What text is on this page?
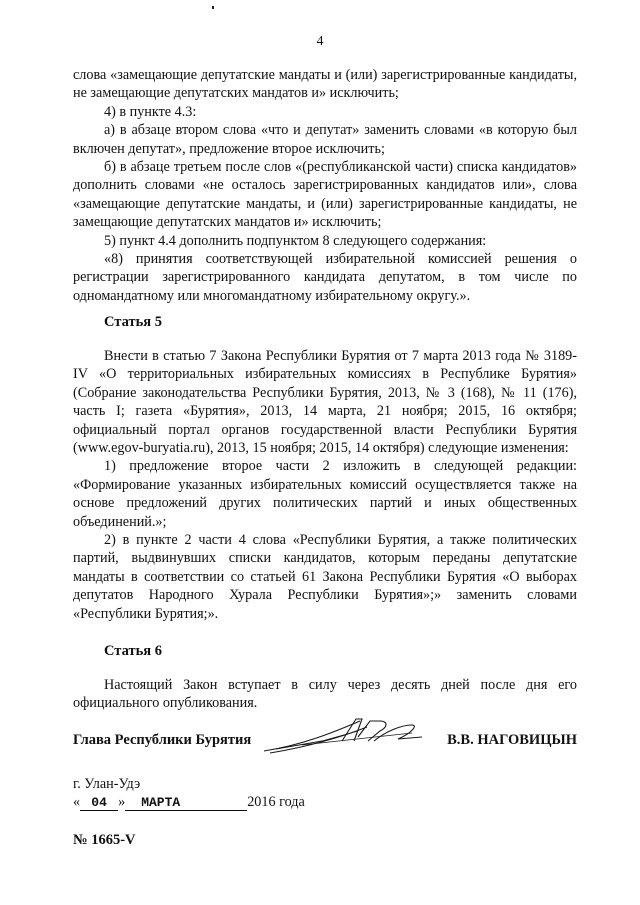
4

слова «замещающие депутатские мандаты и (или) зарегистрированные кандидаты, не замещающие депутатских мандатов и» исключить;

4) в пункте 4.3:

а) в абзаце втором слова «что и депутат» заменить словами «в которую был включен депутат», предложение второе исключить;

б) в абзаце третьем после слов «(республиканской части) списка кандидатов» дополнить словами «не осталось зарегистрированных кандидатов или», слова «замещающие депутатские мандаты, и (или) зарегистрированные кандидаты, не замещающие депутатских мандатов и» исключить;

5) пункт 4.4 дополнить подпунктом 8 следующего содержания:

«8) принятия соответствующей избирательной комиссией решения о регистрации зарегистрированного кандидата депутатом, в том числе по одномандатному или многомандатному избирательному округу.».

Статья 5

Внести в статью 7 Закона Республики Бурятия от 7 марта 2013 года № 3189-IV «О территориальных избирательных комиссиях в Республике Бурятия» (Собрание законодательства Республики Бурятия, 2013, № 3 (168), № 11 (176), часть I; газета «Бурятия», 2013, 14 марта, 21 ноября; 2015, 16 октября; официальный портал органов государственной власти Республики Бурятия (www.egov-buryatia.ru), 2013, 15 ноября; 2015, 14 октября) следующие изменения:

1) предложение второе части 2 изложить в следующей редакции: «Формирование указанных избирательных комиссий осуществляется также на основе предложений других политических партий и иных общественных объединений.»;

2) в пункте 2 части 4 слова «Республики Бурятия, а также политических партий, выдвинувших списки кандидатов, которым переданы депутатские мандаты в соответствии со статьей 61 Закона Республики Бурятия «О выборах депутатов Народного Хурала Республики Бурятия»;» заменить словами «Республики Бурятия;».

Статья 6

Настоящий Закон вступает в силу через десять дней после дня его официального опубликования.

Глава Республики Бурятия	В.В. НАГОВИЦЫН
г. Улан-Удэ
« 04 » МАРТА	2016 года
№ 1665-V
